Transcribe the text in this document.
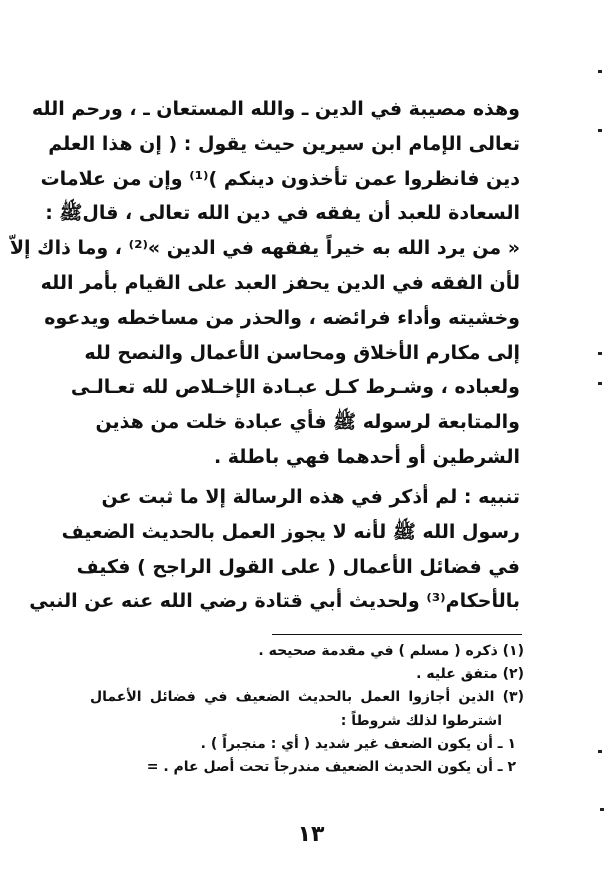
وهذه مصيبة في الدين ـ والله المستعان ـ ، ورحم الله
تعالى الإمام ابن سيرين حيث يقول : ( إن هذا العلم
دين فانظروا عمن تأخذون دينكم )⁽¹⁾ وإن من علامات
السعادة للعبد أن يفقه في دين الله تعالى ، قالﷺ :
« من يرد الله به خيراً يفقهه في الدين »⁽²⁾ ، وما ذاك إلاّ
لأن الفقه في الدين يحفز العبد على القيام بأمر الله
وخشيته وأداء فرائضه ، والحذر من مساخطه ويدعوه
إلى مكارم الأخلاق ومحاسن الأعمال والنصح لله
ولعباده ، وشـرط كـل عبـادة الإخـلاص لله تعـالـى
والمتابعة لرسوله ﷺ فأي عبادة خلت من هذين
الشرطين أو أحدهما فهي باطلة .
تنبيه : لم أذكر في هذه الرسالة إلا ما ثبت عن
رسول الله ﷺ لأنه لا يجوز العمل بالحديث الضعيف
في فضائل الأعمال ( على القول الراجح ) فكيف
بالأحكام⁽³⁾ ولحديث أبي قتادة رضي الله عنه عن النبي
(١) ذكره ( مسلم ) في مقدمة صحيحه .
(٢) متفق عليه .
(٣) الذين أجازوا العمل بالحديث الضعيف في فضائل الأعمال
اشترطوا لذلك شروطاً :
١ ـ أن يكون الضعف غير شديد ( أي : منجبراً ) .
٢ ـ أن يكون الحديث الضعيف مندرجاً تحت أصل عام . =
١٣
